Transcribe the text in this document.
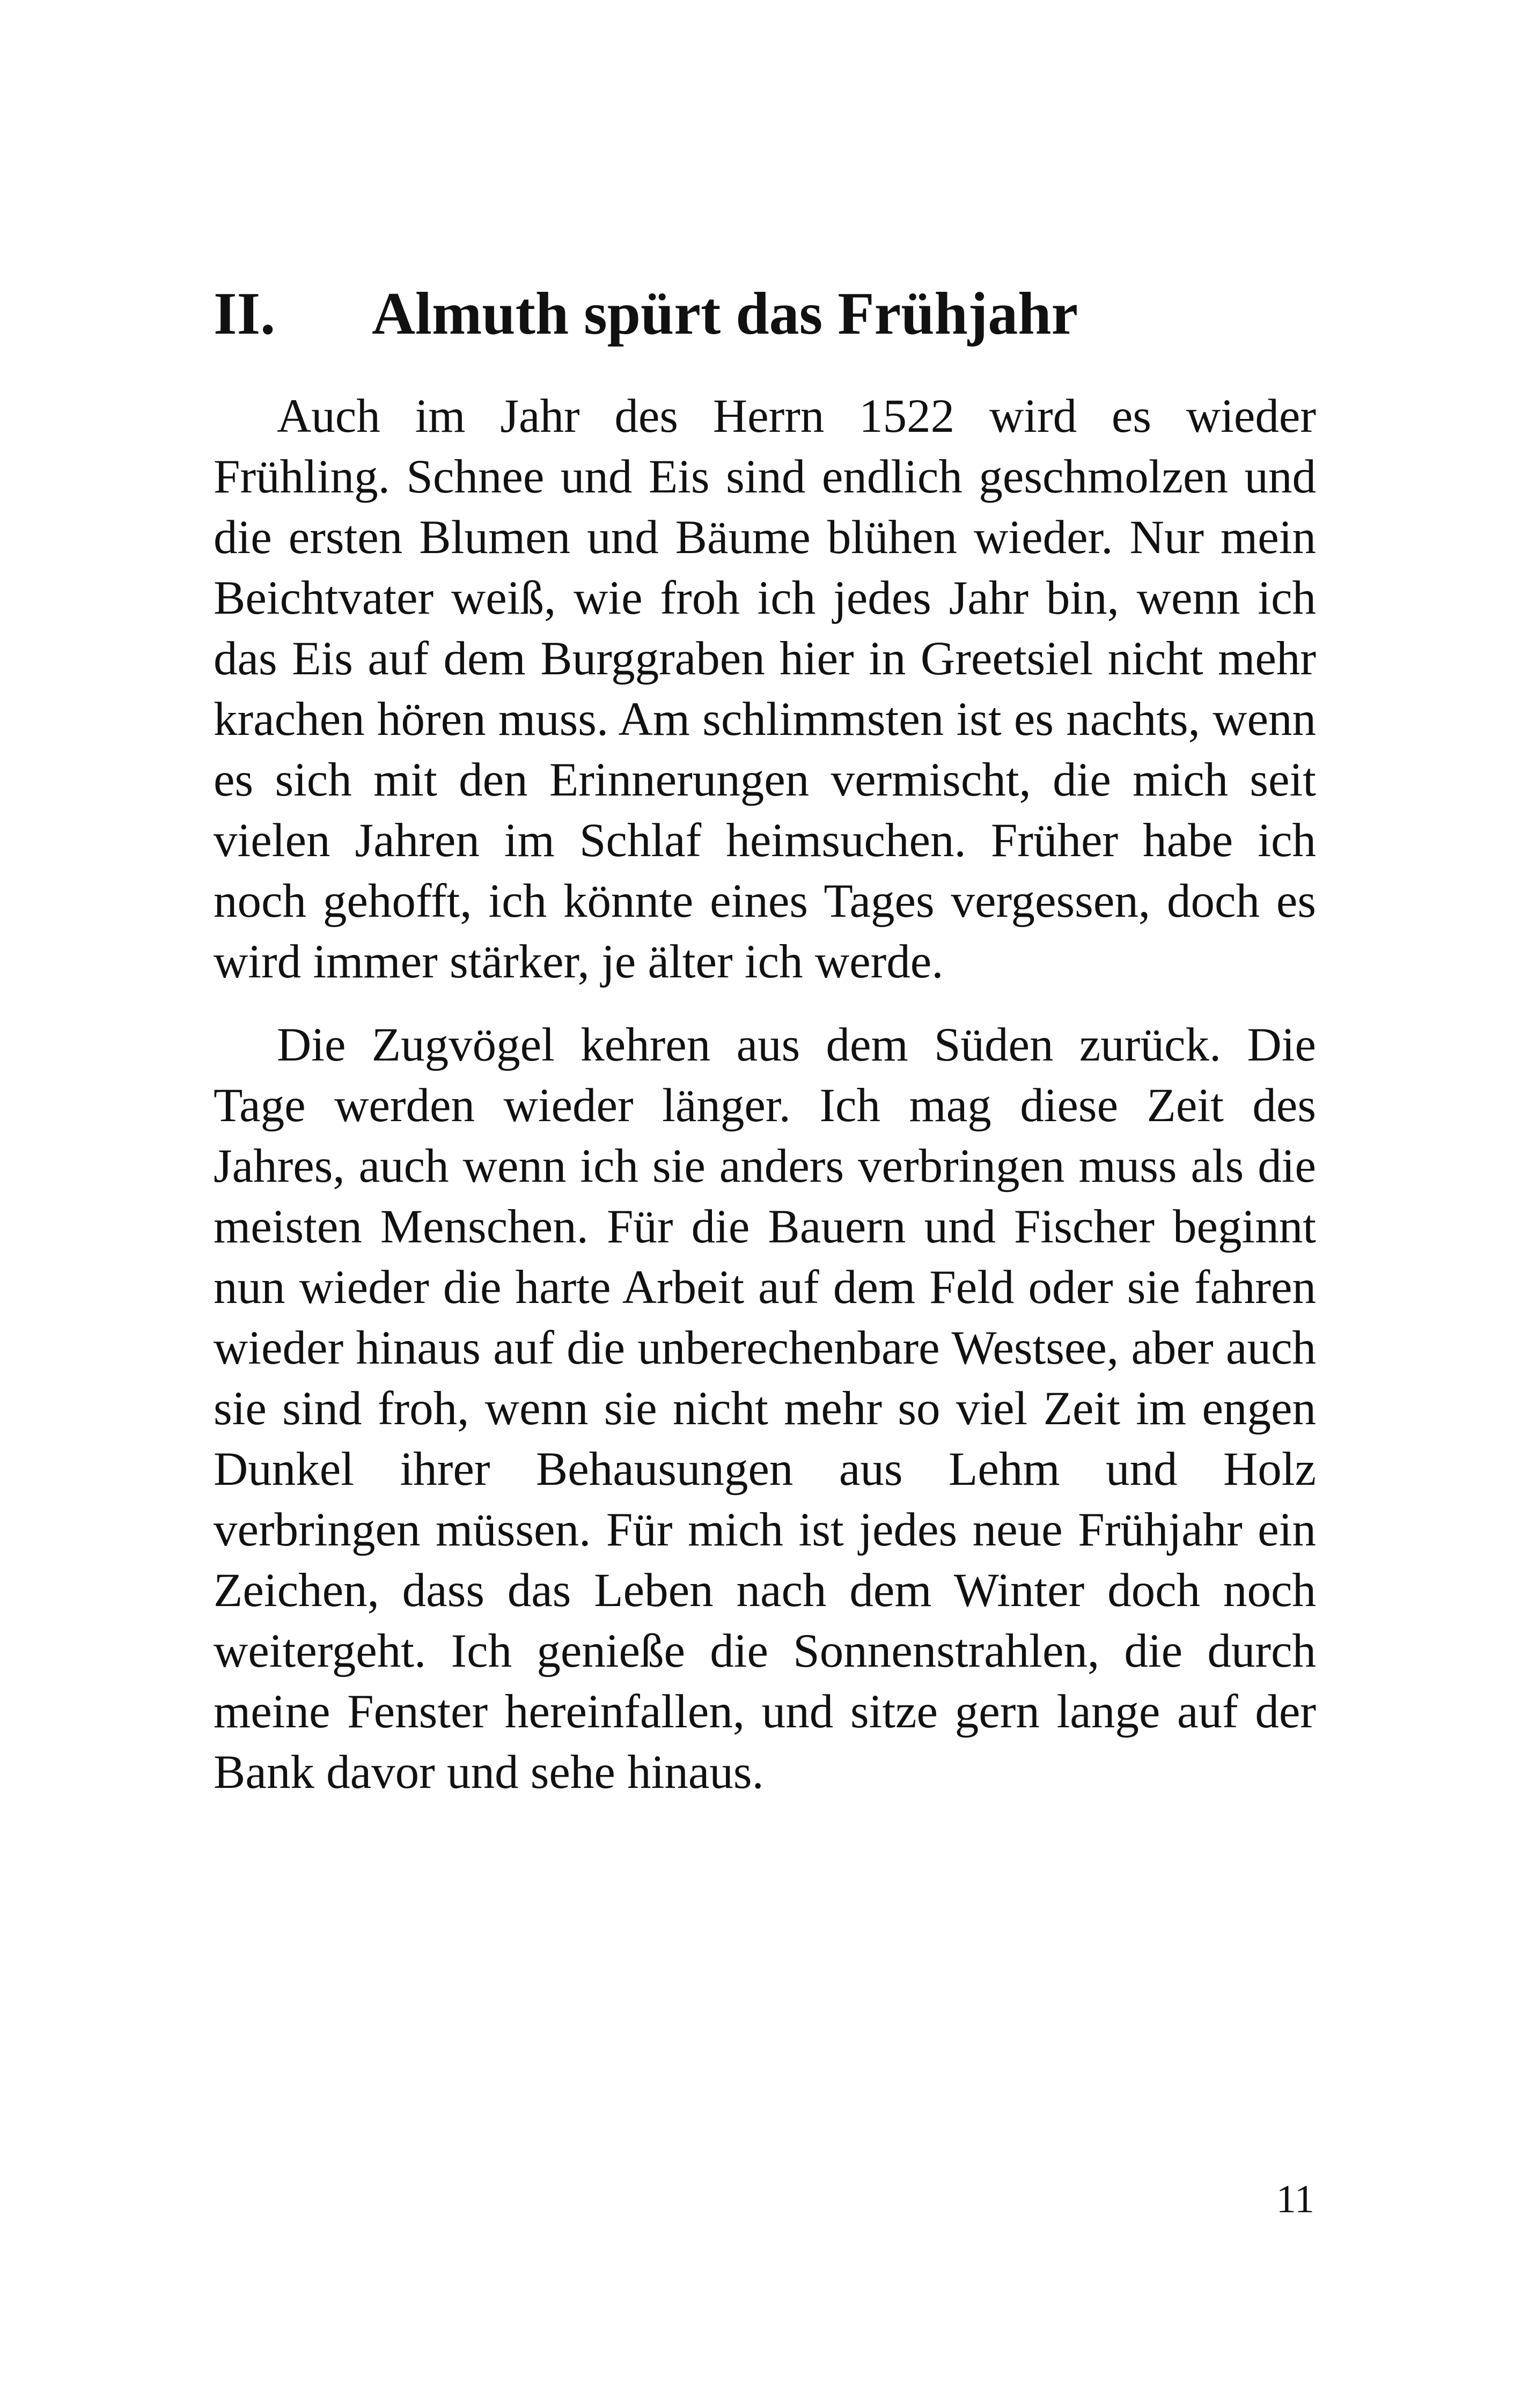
II. Almuth spürt das Frühjahr

Auch im Jahr des Herrn 1522 wird es wieder Frühling. Schnee und Eis sind endlich geschmolzen und die ersten Blumen und Bäume blühen wieder. Nur mein Beichtvater weiß, wie froh ich jedes Jahr bin, wenn ich das Eis auf dem Burggraben hier in Greetsiel nicht mehr krachen hören muss. Am schlimmsten ist es nachts, wenn es sich mit den Erinnerungen vermischt, die mich seit vielen Jahren im Schlaf heimsuchen. Früher habe ich noch gehofft, ich könnte eines Tages vergessen, doch es wird immer stärker, je älter ich werde.

Die Zugvögel kehren aus dem Süden zurück. Die Tage werden wieder länger. Ich mag diese Zeit des Jahres, auch wenn ich sie anders verbringen muss als die meisten Menschen. Für die Bauern und Fischer beginnt nun wieder die harte Arbeit auf dem Feld oder sie fahren wieder hinaus auf die unberechenbare Westsee, aber auch sie sind froh, wenn sie nicht mehr so viel Zeit im engen Dunkel ihrer Behausungen aus Lehm und Holz verbringen müssen. Für mich ist jedes neue Frühjahr ein Zeichen, dass das Leben nach dem Winter doch noch weitergeht. Ich genieße die Sonnenstrahlen, die durch meine Fenster hereinfallen, und sitze gern lange auf der Bank davor und sehe hinaus.

11
